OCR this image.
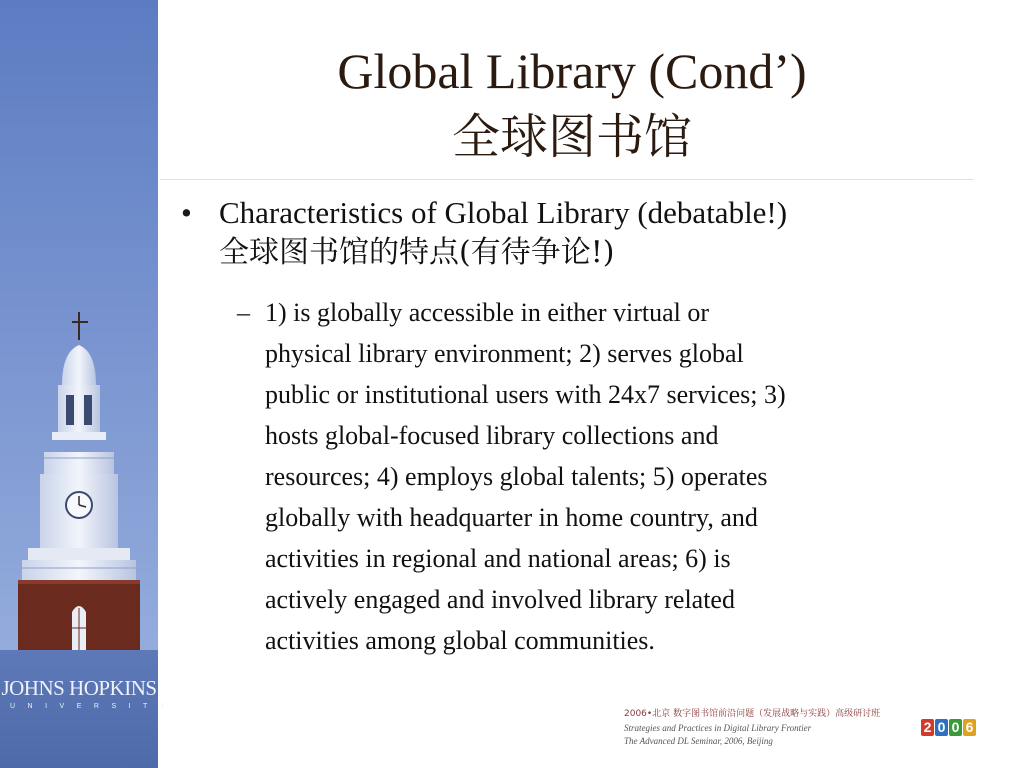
JOHNS HOPKINS
UNIVERSITY
Global Library (Cond’)
全球图书馆
• Characteristics of Global Library (debatable!)
全球图书馆的特点(有待争论!)
– 1) is globally accessible in either virtual or
physical library environment; 2) serves global
public or institutional users with 24x7 services; 3)
hosts global-focused library collections and
resources; 4) employs global talents; 5) operates
globally with headquarter in home country, and
activities in regional and national areas; 6) is
actively engaged and involved library related
activities among global communities.
2006•北京 数字图书馆前沿问题（发展战略与实践）高级研讨班
Strategies and Practices in Digital Library Frontier
The Advanced DL Seminar, 2006, Beijing
2 0 0 6
